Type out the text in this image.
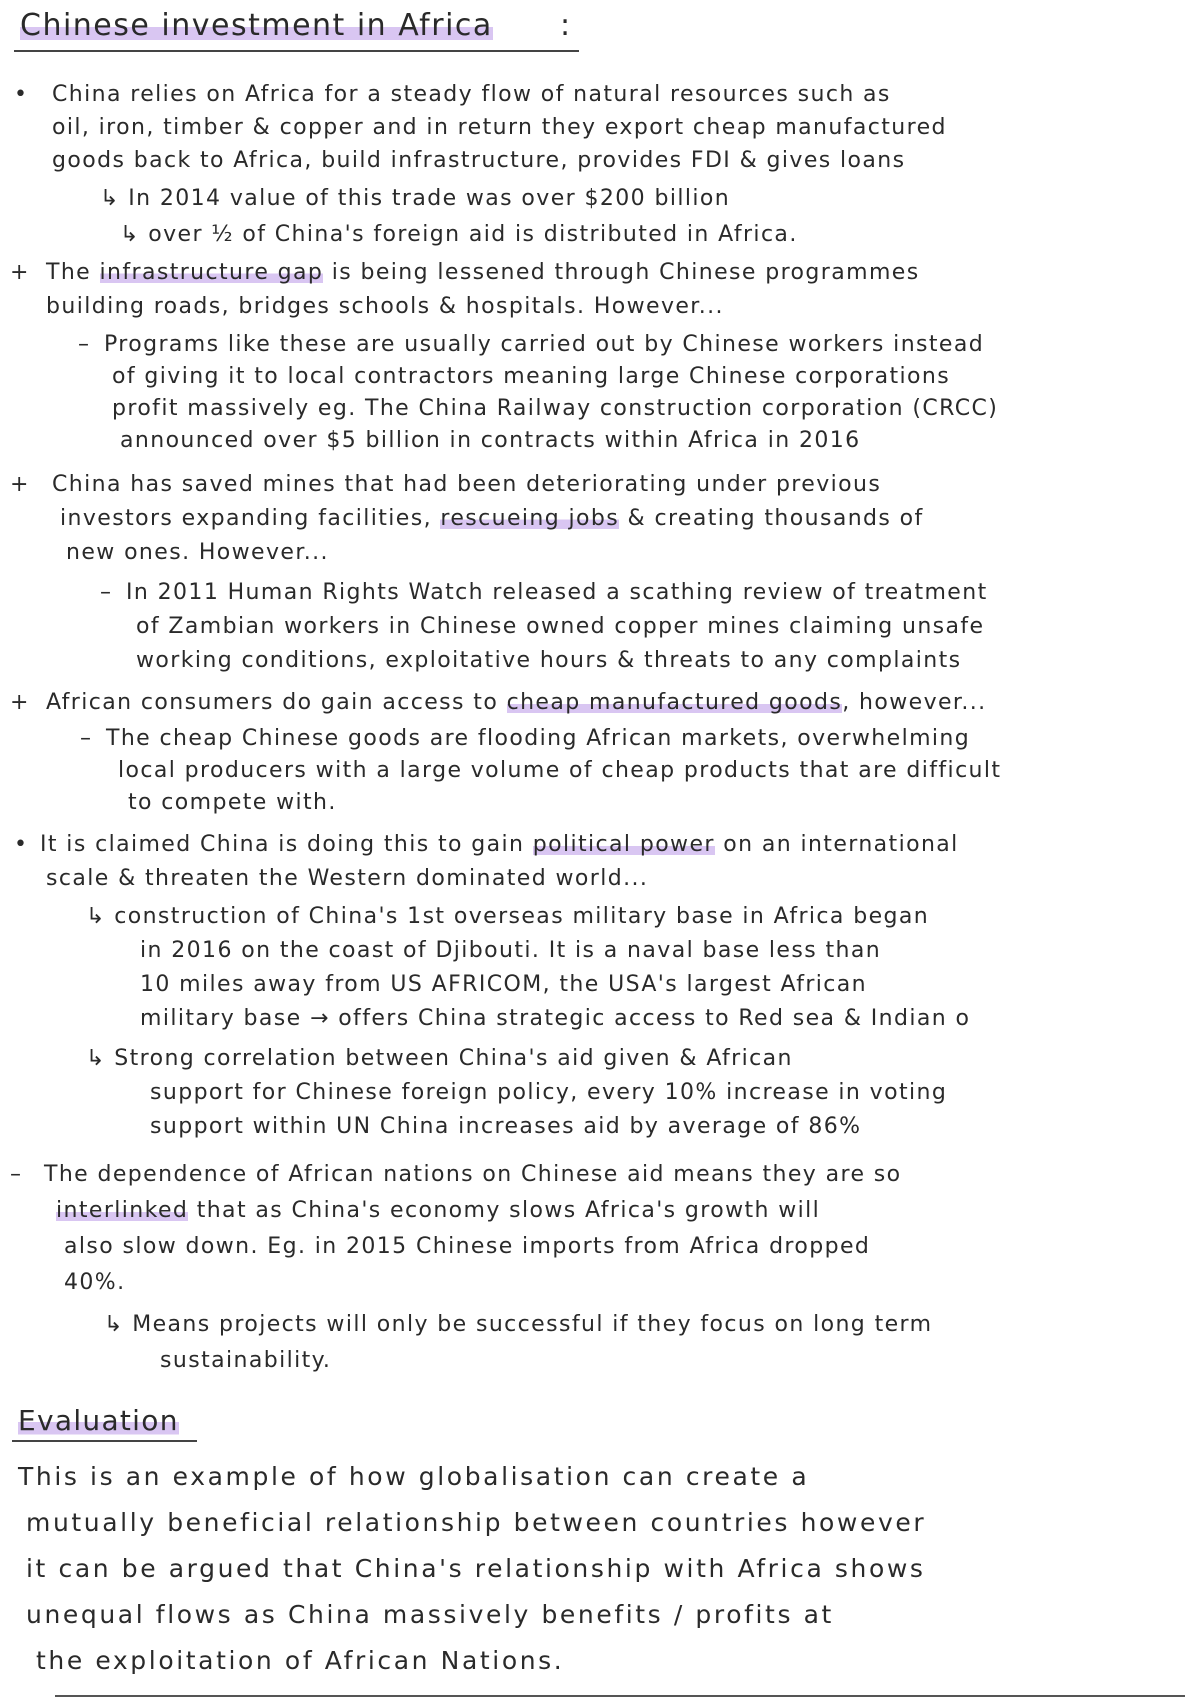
Chinese investment in Africa :
• China relies on Africa for a steady flow of natural resources such as
oil, iron, timber & copper and in return they export cheap manufactured
goods back to Africa, build infrastructure, provides FDI & gives loans
↳ In 2014 value of this trade was over $200 billion
↳ over ½ of China's foreign aid is distributed in Africa.
+ The infrastructure gap is being lessened through Chinese programmes
building roads, bridges schools & hospitals. However...
– Programs like these are usually carried out by Chinese workers instead
of giving it to local contractors meaning large Chinese corporations
profit massively eg. The China Railway construction corporation (CRCC)
announced over $5 billion in contracts within Africa in 2016
+ China has saved mines that had been deteriorating under previous
investors expanding facilities, rescueing jobs & creating thousands of
new ones. However...
– In 2011 Human Rights Watch released a scathing review of treatment
of Zambian workers in Chinese owned copper mines claiming unsafe
working conditions, exploitative hours & threats to any complaints
+ African consumers do gain access to cheap manufactured goods, however...
– The cheap Chinese goods are flooding African markets, overwhelming
local producers with a large volume of cheap products that are difficult
to compete with.
• It is claimed China is doing this to gain political power on an international
scale & threaten the Western dominated world...
↳ construction of China's 1st overseas military base in Africa began
in 2016 on the coast of Djibouti. It is a naval base less than
10 miles away from US AFRICOM, the USA's largest African
military base → offers China strategic access to Red sea & Indian o
↳ Strong correlation between China's aid given & African
support for Chinese foreign policy, every 10% increase in voting
support within UN China increases aid by average of 86%
– The dependence of African nations on Chinese aid means they are so
interlinked that as China's economy slows Africa's growth will
also slow down. Eg. in 2015 Chinese imports from Africa dropped
40%.
↳ Means projects will only be successful if they focus on long term
sustainability.
Evaluation
This is an example of how globalisation can create a
mutually beneficial relationship between countries however
it can be argued that China's relationship with Africa shows
unequal flows as China massively benefits / profits at
the exploitation of African Nations.
